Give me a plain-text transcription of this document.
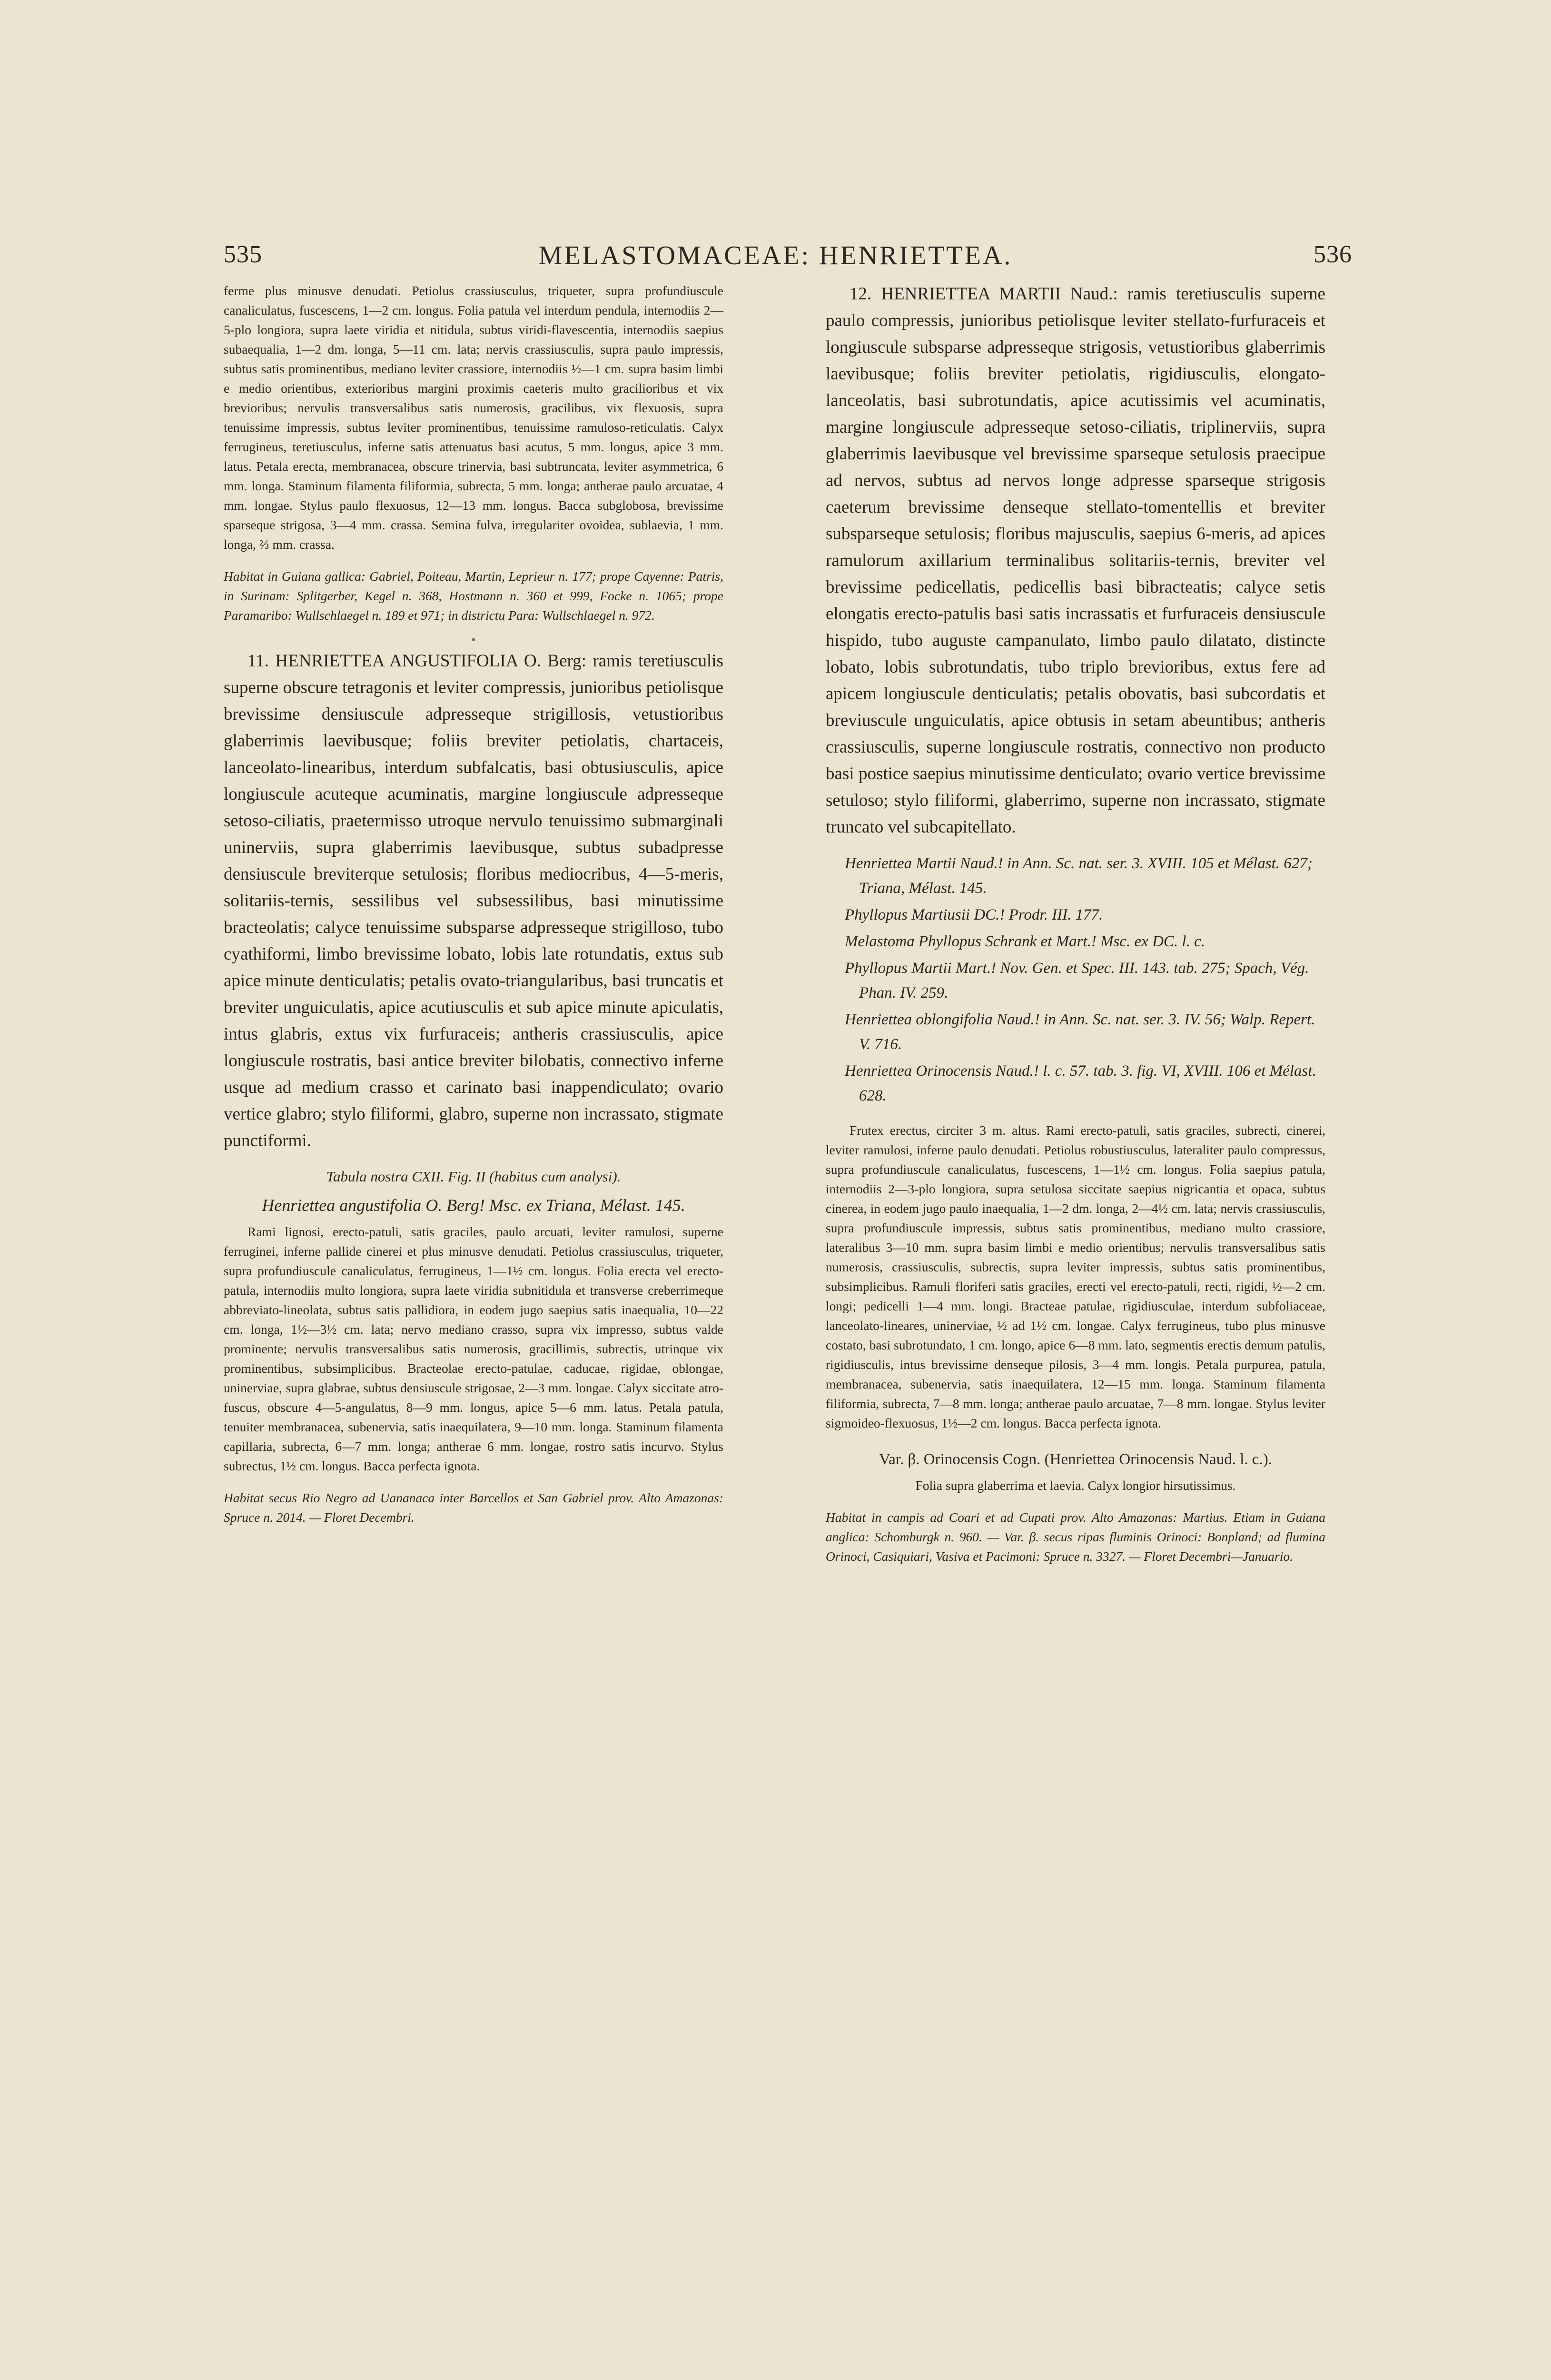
535	MELASTOMACEAE: HENRIETTEA.	536

ferme plus minusve denudati. Petiolus crassiusculus, triqueter, supra profundiuscule canaliculatus, fuscescens, 1—2 cm. longus. Folia patula vel interdum pendula, internodiis 2—5-plo longiora, supra laete viridia et nitidula, subtus viridi-flavescentia, internodiis saepius subaequalia, 1—2 dm. longa, 5—11 cm. lata; nervis crassiusculis, supra paulo impressis, subtus satis prominentibus, mediano leviter crassiore, internodiis ½—1 cm. supra basim limbi e medio orientibus, exterioribus margini proximis caeteris multo gracilioribus et vix brevioribus; nervulis transversalibus satis numerosis, gracilibus, vix flexuosis, supra tenuissime impressis, subtus leviter prominentibus, tenuissime ramuloso-reticulatis. Calyx ferrugineus, teretiusculus, inferne satis attenuatus basi acutus, 5 mm. longus, apice 3 mm. latus. Petala erecta, membranacea, obscure trinervia, basi subtruncata, leviter asymmetrica, 6 mm. longa. Staminum filamenta filiformia, subrecta, 5 mm. longa; antherae paulo arcuatae, 4 mm. longae. Stylus paulo flexuosus, 12—13 mm. longus. Bacca subglobosa, brevissime sparseque strigosa, 3—4 mm. crassa. Semina fulva, irregulariter ovoidea, sublaevia, 1 mm. longa, ⅔ mm. crassa.

Habitat in Guiana gallica: Gabriel, Poiteau, Martin, Leprieur n. 177; prope Cayenne: Patris, in Surinam: Splitgerber, Kegel n. 368, Hostmann n. 360 et 999, Focke n. 1065; prope Paramaribo: Wullschlaegel n. 189 et 971; in districtu Para: Wullschlaegel n. 972.

•

11. HENRIETTEA ANGUSTIFOLIA O. Berg: ramis teretiusculis superne obscure tetragonis et leviter compressis, junioribus petiolisque brevissime densiuscule adpresseque strigillosis, vetustioribus glaberrimis laevibusque; foliis breviter petiolatis, chartaceis, lanceolato-linearibus, interdum subfalcatis, basi obtusiusculis, apice longiuscule acuteque acuminatis, margine longiuscule adpresseque setoso-ciliatis, praetermisso utroque nervulo tenuissimo submarginali uninerviis, supra glaberrimis laevibusque, subtus subadpresse densiuscule breviterque setulosis; floribus mediocribus, 4—5-meris, solitariis-ternis, sessilibus vel subsessilibus, basi minutissime bracteolatis; calyce tenuissime subsparse adpresseque strigilloso, tubo cyathiformi, limbo brevissime lobato, lobis late rotundatis, extus sub apice minute denticulatis; petalis ovato-triangularibus, basi truncatis et breviter unguiculatis, apice acutiusculis et sub apice minute apiculatis, intus glabris, extus vix furfuraceis; antheris crassiusculis, apice longiuscule rostratis, basi antice breviter bilobatis, connectivo inferne usque ad medium crasso et carinato basi inappendiculato; ovario vertice glabro; stylo filiformi, glabro, superne non incrassato, stigmate punctiformi.

Tabula nostra CXII. Fig. II (habitus cum analysi).

Henriettea angustifolia O. Berg! Msc. ex Triana, Mélast. 145.

Rami lignosi, erecto-patuli, satis graciles, paulo arcuati, leviter ramulosi, superne ferruginei, inferne pallide cinerei et plus minusve denudati. Petiolus crassiusculus, triqueter, supra profundiuscule canaliculatus, ferrugineus, 1—1½ cm. longus. Folia erecta vel erecto-patula, internodiis multo longiora, supra laete viridia subnitidula et transverse creberrimeque abbreviato-lineolata, subtus satis pallidiora, in eodem jugo saepius satis inaequalia, 10—22 cm. longa, 1½—3½ cm. lata; nervo mediano crasso, supra vix impresso, subtus valde prominente; nervulis transversalibus satis numerosis, gracillimis, subrectis, utrinque vix prominentibus, subsimplicibus. Bracteolae erecto-patulae, caducae, rigidae, oblongae, uninerviae, supra glabrae, subtus densiuscule strigosae, 2—3 mm. longae. Calyx siccitate atro-fuscus, obscure 4—5-angulatus, 8—9 mm. longus, apice 5—6 mm. latus. Petala patula, tenuiter membranacea, subenervia, satis inaequilatera, 9—10 mm. longa. Staminum filamenta capillaria, subrecta, 6—7 mm. longa; antherae 6 mm. longae, rostro satis incurvo. Stylus subrectus, 1½ cm. longus. Bacca perfecta ignota.

Habitat secus Rio Negro ad Uananaca inter Barcellos et San Gabriel prov. Alto Amazonas: Spruce n. 2014. — Floret Decembri.

12. HENRIETTEA MARTII Naud.: ramis teretiusculis superne paulo compressis, junioribus petiolisque leviter stellato-furfuraceis et longiuscule subsparse adpresseque strigosis, vetustioribus glaberrimis laevibusque; foliis breviter petiolatis, rigidiusculis, elongato-lanceolatis, basi subrotundatis, apice acutissimis vel acuminatis, margine longiuscule adpresseque setoso-ciliatis, triplinerviis, supra glaberrimis laevibusque vel brevissime sparseque setulosis praecipue ad nervos, subtus ad nervos longe adpresse sparseque strigosis caeterum brevissime denseque stellato-tomentellis et breviter subsparseque setulosis; floribus majusculis, saepius 6-meris, ad apices ramulorum axillarium terminalibus solitariis-ternis, breviter vel brevissime pedicellatis, pedicellis basi bibracteatis; calyce setis elongatis erecto-patulis basi satis incrassatis et furfuraceis densiuscule hispido, tubo auguste campanulato, limbo paulo dilatato, distincte lobato, lobis subrotundatis, tubo triplo brevioribus, extus fere ad apicem longiuscule denticulatis; petalis obovatis, basi subcordatis et breviuscule unguiculatis, apice obtusis in setam abeuntibus; antheris crassiusculis, superne longiuscule rostratis, connectivo non producto basi postice saepius minutissime denticulato; ovario vertice brevissime setuloso; stylo filiformi, glaberrimo, superne non incrassato, stigmate truncato vel subcapitellato.

Henriettea Martii Naud.! in Ann. Sc. nat. ser. 3. XVIII. 105 et Mélast. 627; Triana, Mélast. 145.

Phyllopus Martiusii DC.! Prodr. III. 177.

Melastoma Phyllopus Schrank et Mart.! Msc. ex DC. l. c.

Phyllopus Martii Mart.! Nov. Gen. et Spec. III. 143. tab. 275; Spach, Vég. Phan. IV. 259.

Henriettea oblongifolia Naud.! in Ann. Sc. nat. ser. 3. IV. 56; Walp. Repert. V. 716.

Henriettea Orinocensis Naud.! l. c. 57. tab. 3. fig. VI, XVIII. 106 et Mélast. 628.

Frutex erectus, circiter 3 m. altus. Rami erecto-patuli, satis graciles, subrecti, cinerei, leviter ramulosi, inferne paulo denudati. Petiolus robustiusculus, lateraliter paulo compressus, supra profundiuscule canaliculatus, fuscescens, 1—1½ cm. longus. Folia saepius patula, internodiis 2—3-plo longiora, supra setulosa siccitate saepius nigricantia et opaca, subtus cinerea, in eodem jugo paulo inaequalia, 1—2 dm. longa, 2—4½ cm. lata; nervis crassiusculis, supra profundiuscule impressis, subtus satis prominentibus, mediano multo crassiore, lateralibus 3—10 mm. supra basim limbi e medio orientibus; nervulis transversalibus satis numerosis, crassiusculis, subrectis, supra leviter impressis, subtus satis prominentibus, subsimplicibus. Ramuli floriferi satis graciles, erecti vel erecto-patuli, recti, rigidi, ½—2 cm. longi; pedicelli 1—4 mm. longi. Bracteae patulae, rigidiusculae, interdum subfoliaceae, lanceolato-lineares, uninerviae, ½ ad 1½ cm. longae. Calyx ferrugineus, tubo plus minusve costato, basi subrotundato, 1 cm. longo, apice 6—8 mm. lato, segmentis erectis demum patulis, rigidiusculis, intus brevissime denseque pilosis, 3—4 mm. longis. Petala purpurea, patula, membranacea, subenervia, satis inaequilatera, 12—15 mm. longa. Staminum filamenta filiformia, subrecta, 7—8 mm. longa; antherae paulo arcuatae, 7—8 mm. longae. Stylus leviter sigmoideo-flexuosus, 1½—2 cm. longus. Bacca perfecta ignota.

Var. β. Orinocensis Cogn. (Henriettea Orinocensis Naud. l. c.).

Folia supra glaberrima et laevia. Calyx longior hirsutissimus.

Habitat in campis ad Coari et ad Cupati prov. Alto Amazonas: Martius. Etiam in Guiana anglica: Schomburgk n. 960. — Var. β. secus ripas fluminis Orinoci: Bonpland; ad flumina Orinoci, Casiquiari, Vasiva et Pacimoni: Spruce n. 3327. — Floret Decembri—Januario.
